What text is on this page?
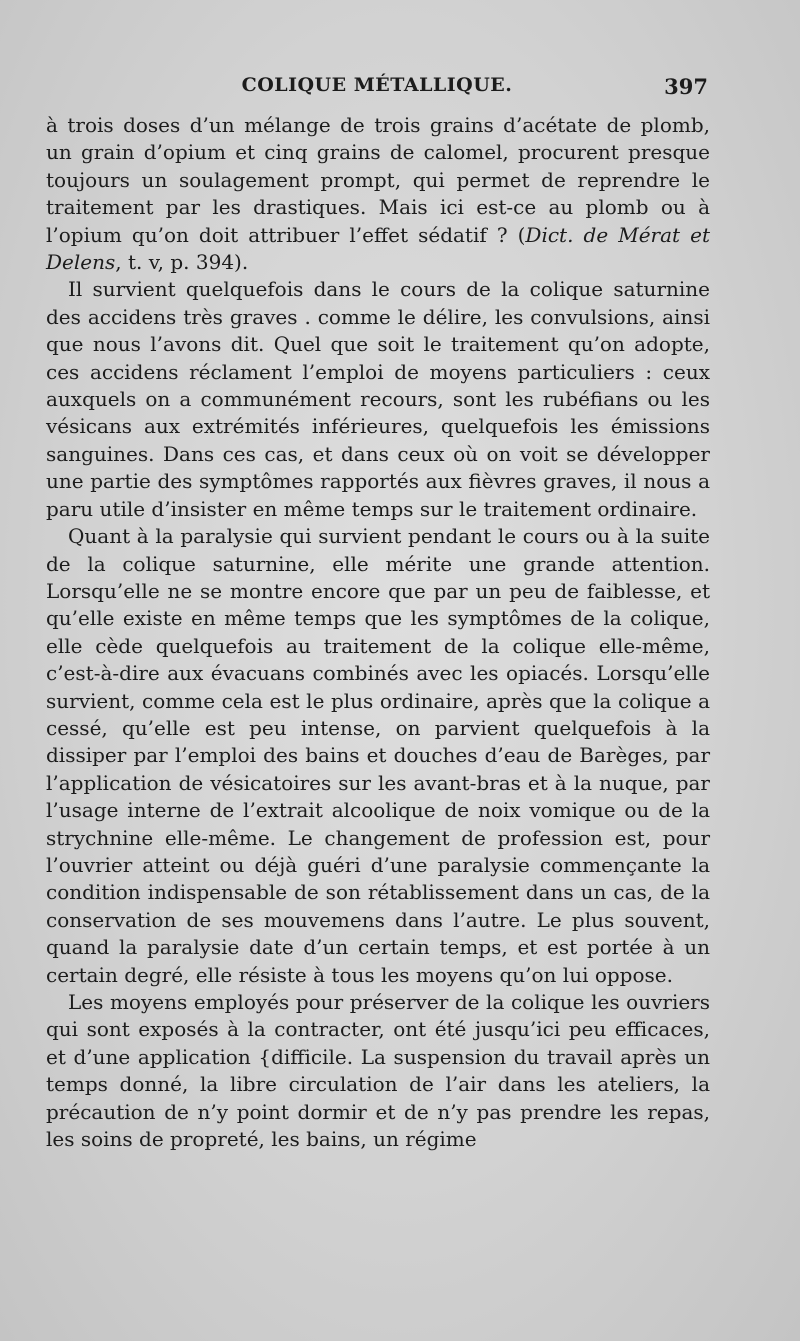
COLIQUE MÉTALLIQUE.	397

à trois doses d’un mélange de trois grains d’acétate de plomb, un grain d’opium et cinq grains de calomel, procurent presque toujours un soulagement prompt, qui permet de reprendre le traitement par les drastiques. Mais ici est-ce au plomb ou à l’opium qu’on doit attribuer l’effet sédatif ? (Dict. de Mérat et Delens, t. v, p. 394).

Il survient quelquefois dans le cours de la colique saturnine des accidens très graves . comme le délire, les convulsions, ainsi que nous l’avons dit. Quel que soit le traitement qu’on adopte, ces accidens réclament l’emploi de moyens particuliers : ceux auxquels on a communément recours, sont les rubéfians ou les vésicans aux extrémités inférieures, quelquefois les émissions sanguines. Dans ces cas, et dans ceux où on voit se développer une partie des symptômes rapportés aux fièvres graves, il nous a paru utile d’insister en même temps sur le traitement ordinaire.

Quant à la paralysie qui survient pendant le cours ou à la suite de la colique saturnine, elle mérite une grande attention. Lorsqu’elle ne se montre encore que par un peu de faiblesse, et qu’elle existe en même temps que les symptômes de la colique, elle cède quelquefois au traitement de la colique elle-même, c’est-à-dire aux évacuans combinés avec les opiacés. Lorsqu’elle survient, comme cela est le plus ordinaire, après que la colique a cessé, qu’elle est peu intense, on parvient quelquefois à la dissiper par l’emploi des bains et douches d’eau de Barèges, par l’application de vésicatoires sur les avant-bras et à la nuque, par l’usage interne de l’extrait alcoolique de noix vomique ou de la strychnine elle-même. Le changement de profession est, pour l’ouvrier atteint ou déjà guéri d’une paralysie commençante la condition indispensable de son rétablissement dans un cas, de la conservation de ses mouvemens dans l’autre. Le plus souvent, quand la paralysie date d’un certain temps, et est portée à un certain degré, elle résiste à tous les moyens qu’on lui oppose.

Les moyens employés pour préserver de la colique les ouvriers qui sont exposés à la contracter, ont été jusqu’ici peu efficaces, et d’une application {difficile. La suspension du travail après un temps donné, la libre circulation de l’air dans les ateliers, la précaution de n’y point dormir et de n’y pas prendre les repas, les soins de propreté, les bains, un régime
